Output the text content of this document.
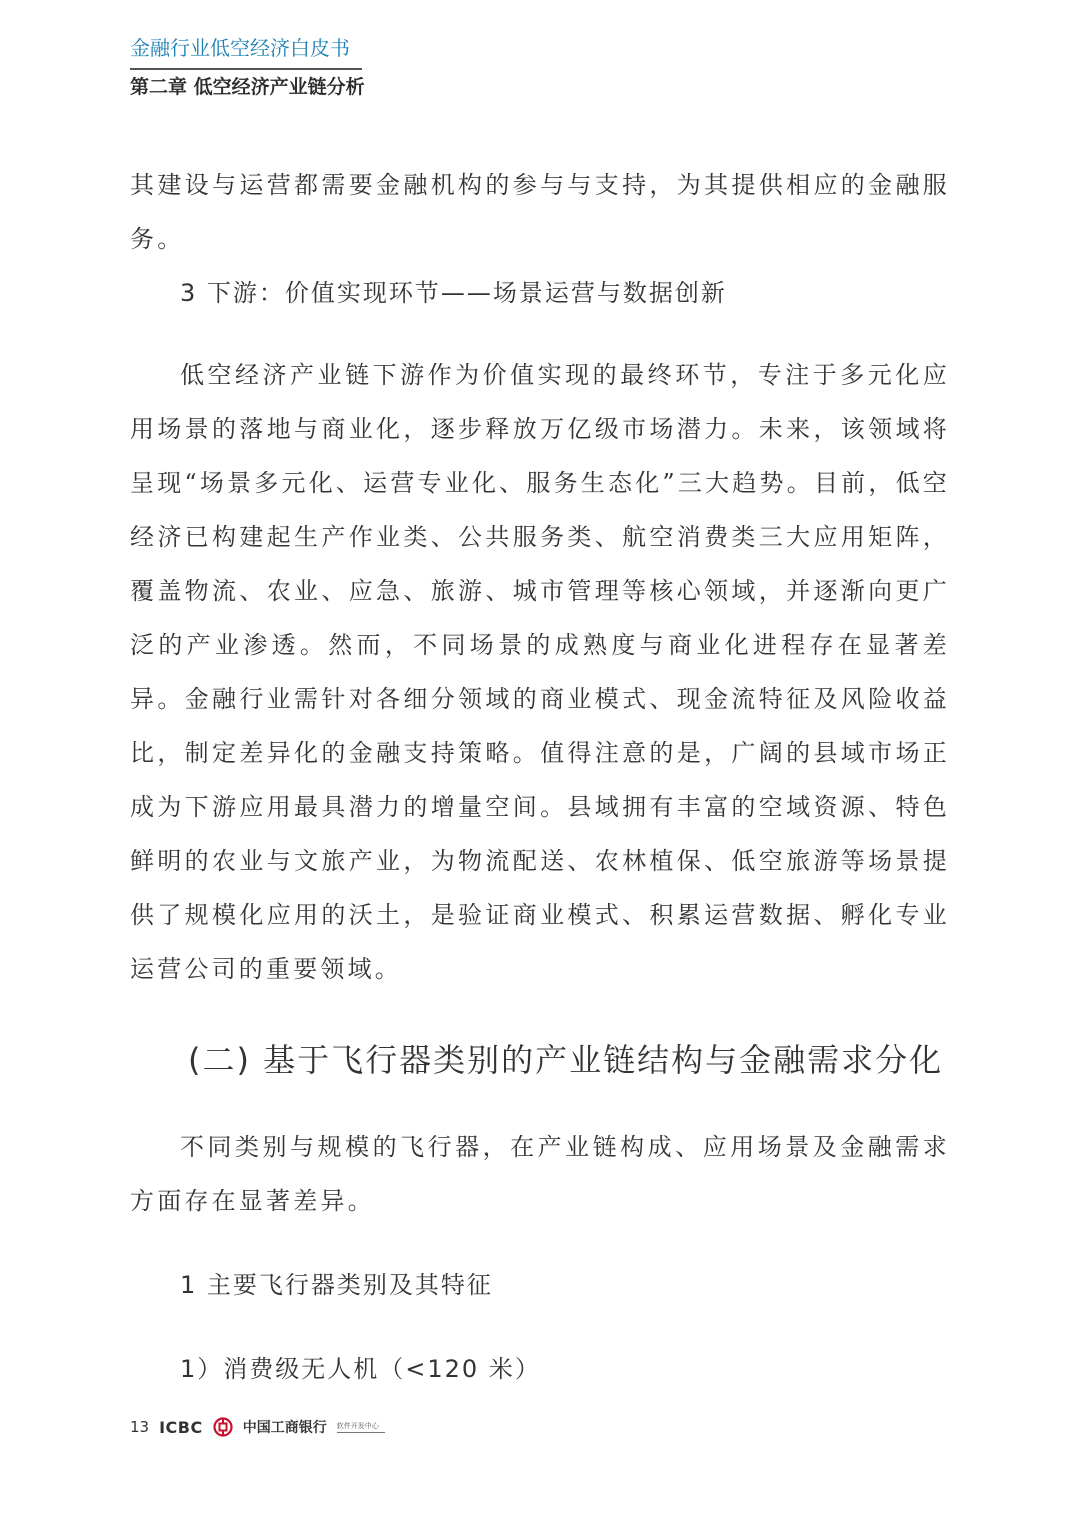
金融行业低空经济白皮书
第二章 低空经济产业链分析

其建设与运营都需要金融机构的参与与支持，为其提供相应的金融服务。

3 下游：价值实现环节——场景运营与数据创新

低空经济产业链下游作为价值实现的最终环节，专注于多元化应用场景的落地与商业化，逐步释放万亿级市场潜力。未来，该领域将呈现“场景多元化、运营专业化、服务生态化”三大趋势。目前，低空经济已构建起生产作业类、公共服务类、航空消费类三大应用矩阵，覆盖物流、农业、应急、旅游、城市管理等核心领域，并逐渐向更广泛的产业渗透。然而，不同场景的成熟度与商业化进程存在显著差异。金融行业需针对各细分领域的商业模式、现金流特征及风险收益比，制定差异化的金融支持策略。值得注意的是，广阔的县域市场正成为下游应用最具潜力的增量空间。县域拥有丰富的空域资源、特色鲜明的农业与文旅产业，为物流配送、农林植保、低空旅游等场景提供了规模化应用的沃土，是验证商业模式、积累运营数据、孵化专业运营公司的重要领域。

(二) 基于飞行器类别的产业链结构与金融需求分化

不同类别与规模的飞行器，在产业链构成、应用场景及金融需求方面存在显著差异。

1 主要飞行器类别及其特征

1）消费级无人机（<120 米）

13 ICBC	中国工商银行 软件开发中心
